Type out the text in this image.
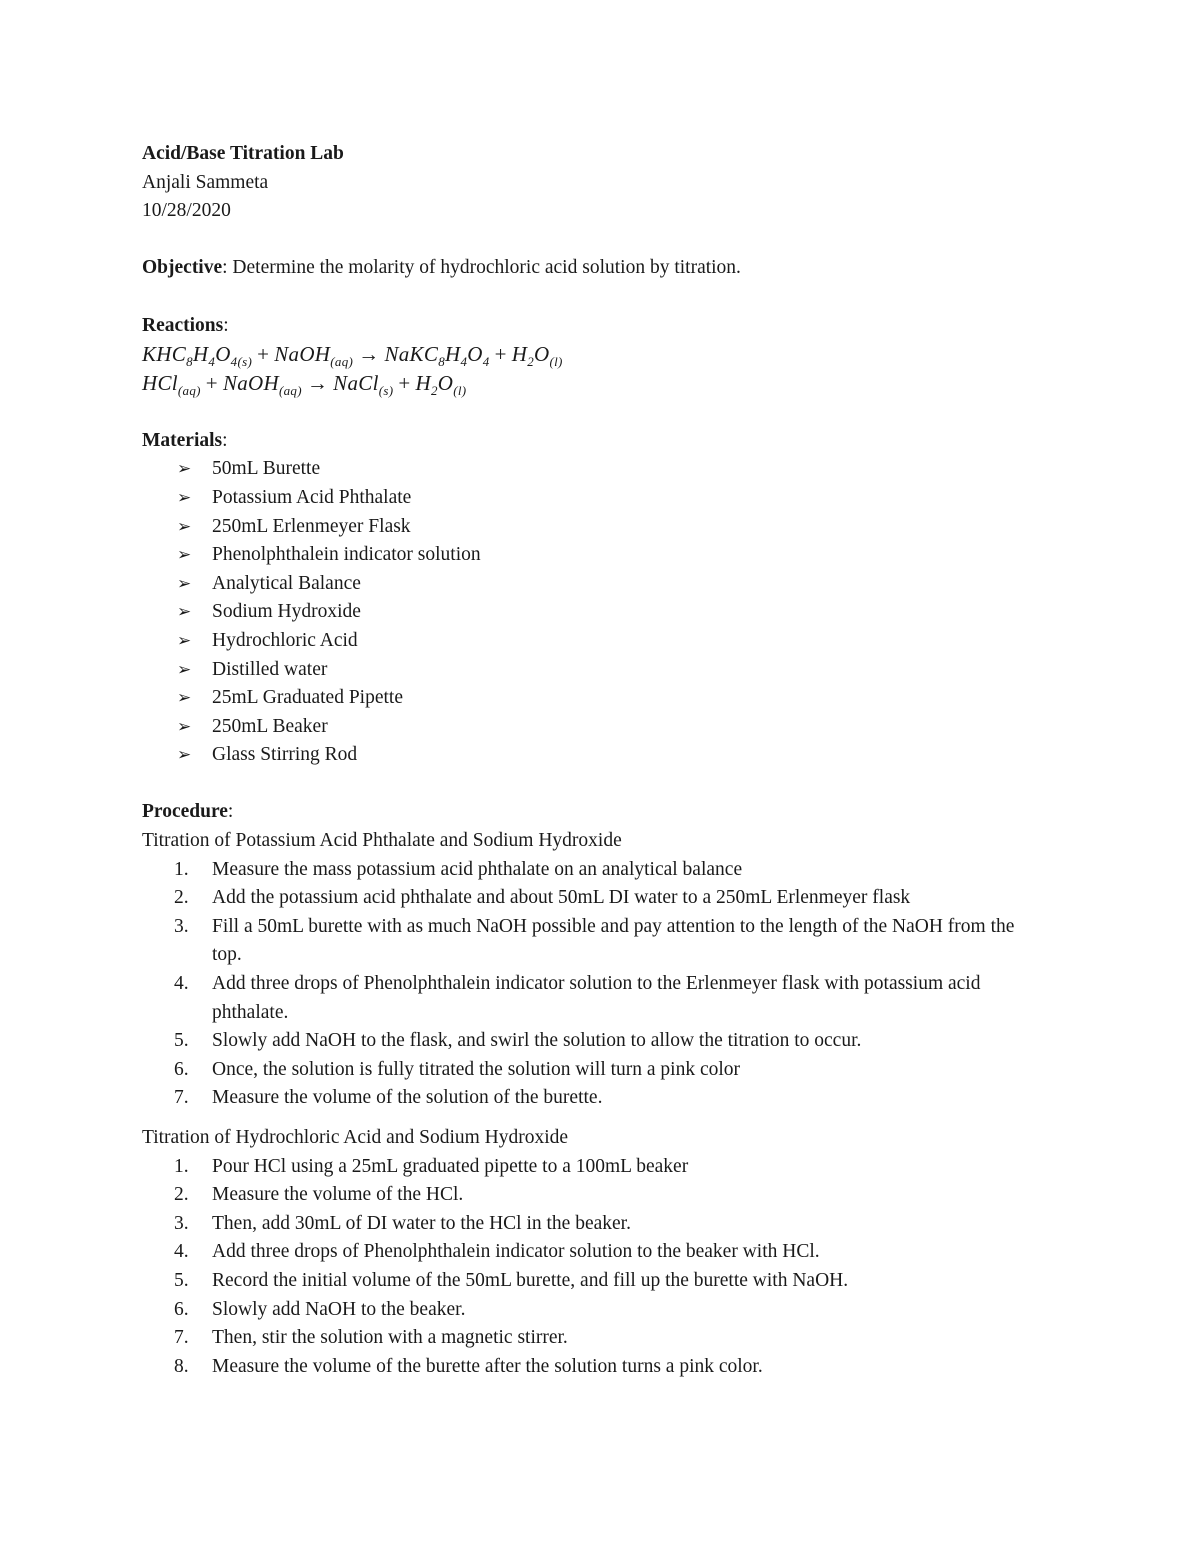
Acid/Base Titration Lab
Anjali Sammeta
10/28/2020
Objective: Determine the molarity of hydrochloric acid solution by titration.
Reactions:
$KHC_8H_4O_{4(s)}$ + NaOH$_{(aq)}$ → $NaKC_8H_4O_4 + H_2O_{(l)}$
HCl$_{(aq)}$ + NaOH$_{(aq)}$ → NaCl$_{(s)}$ + $H_2O_{(l)}$
Materials:
➢ 50mL Burette
➢ Potassium Acid Phthalate
➢ 250mL Erlenmeyer Flask
➢ Phenolphthalein indicator solution
➢ Analytical Balance
➢ Sodium Hydroxide
➢ Hydrochloric Acid
➢ Distilled water
➢ 25mL Graduated Pipette
➢ 250mL Beaker
➢ Glass Stirring Rod
Procedure:
Titration of Potassium Acid Phthalate and Sodium Hydroxide
1. Measure the mass potassium acid phthalate on an analytical balance
2. Add the potassium acid phthalate and about 50mL DI water to a 250mL Erlenmeyer flask
3. Fill a 50mL burette with as much NaOH possible and pay attention to the length of the NaOH from the top.
4. Add three drops of Phenolphthalein indicator solution to the Erlenmeyer flask with potassium acid phthalate.
5. Slowly add NaOH to the flask, and swirl the solution to allow the titration to occur.
6. Once, the solution is fully titrated the solution will turn a pink color
7. Measure the volume of the solution of the burette.
Titration of Hydrochloric Acid and Sodium Hydroxide
1. Pour HCl using a 25mL graduated pipette to a 100mL beaker
2. Measure the volume of the HCl.
3. Then, add 30mL of DI water to the HCl in the beaker.
4. Add three drops of Phenolphthalein indicator solution to the beaker with HCl.
5. Record the initial volume of the 50mL burette, and fill up the burette with NaOH.
6. Slowly add NaOH to the beaker.
7. Then, stir the solution with a magnetic stirrer.
8. Measure the volume of the burette after the solution turns a pink color.
